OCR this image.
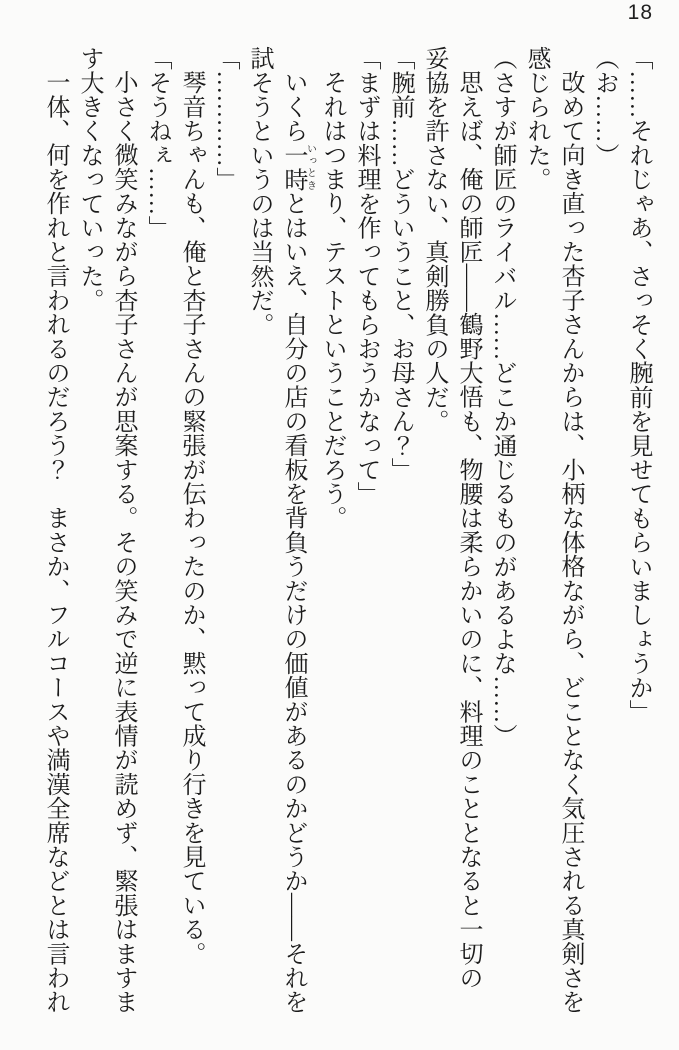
18

「……それじゃあ、さっそく腕前を見せてもらいましょうか」

（お……）

改めて向き直った杏子さんからは、小柄な体格ながら、どことなく気圧される真剣さを

感じられた。

（さすが師匠のライバル……どこか通じるものがあるよな……）

思えば、俺の師匠――鶴野大悟も、物腰は柔らかいのに、料理のこととなると一切の

妥協を許さない、真剣勝負の人だ。

「腕前……どういうこと、お母さん？」

「まずは料理を作ってもらおうかなって」

それはつまり、テストということだろう。

いくら一時いっときとはいえ、自分の店の看板を背負うだけの価値があるのかどうか――それを

試そうというのは当然だ。

「…………」

琴音ちゃんも、俺と杏子さんの緊張が伝わったのか、黙って成り行きを見ている。

「そうねぇ……」

小さく微笑みながら杏子さんが思案する。その笑みで逆に表情が読めず、緊張はますま

す大きくなっていった。

一体、何を作れと言われるのだろう？　まさか、フルコースや満漢全席などとは言われ
